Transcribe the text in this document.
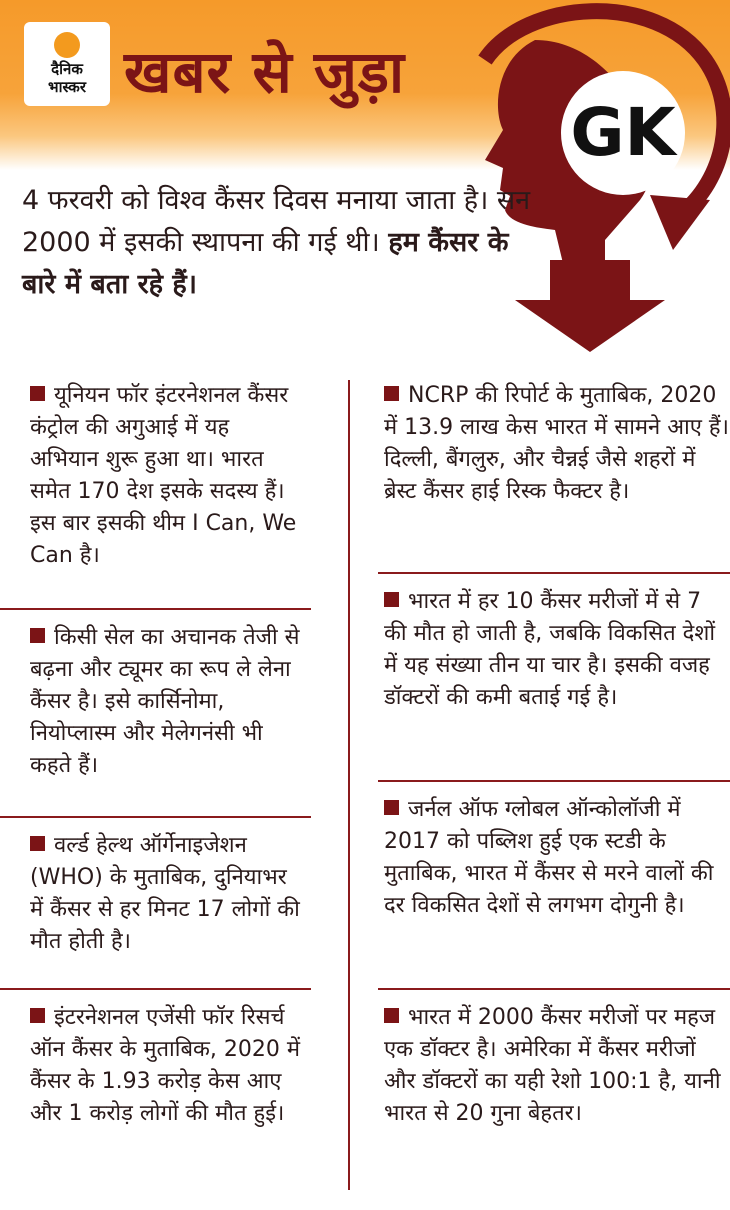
दैनिक
भास्कर खबर से जुड़ा
GK
4 फरवरी को विश्व कैंसर दिवस मनाया जाता है। सन 2000 में इसकी स्थापना की गई थी। हम कैंसर के बारे में बता रहे हैं।
यूनियन फॉर इंटरनेशनल कैंसर कंट्रोल की अगुआई में यह अभियान शुरू हुआ था। भारत समेत 170 देश इसके सदस्य हैं। इस बार इसकी थीम I Can, We Can है।
किसी सेल का अचानक तेजी से बढ़ना और ट्यूमर का रूप ले लेना कैंसर है। इसे कार्सिनोमा, नियोप्लास्म और मेलेगनंसी भी कहते हैं।
वर्ल्ड हेल्थ ऑर्गेनाइजेशन (WHO) के मुताबिक, दुनियाभर में कैंसर से हर मिनट 17 लोगों की मौत होती है।
इंटरनेशनल एजेंसी फॉर रिसर्च ऑन कैंसर के मुताबिक, 2020 में कैंसर के 1.93 करोड़ केस आए और 1 करोड़ लोगों की मौत हुई।
NCRP की रिपोर्ट के मुताबिक, 2020 में 13.9 लाख केस भारत में सामने आए हैं। दिल्ली, बैंगलुरु, और चैन्नई जैसे शहरों में ब्रेस्ट कैंसर हाई रिस्क फैक्टर है।
भारत में हर 10 कैंसर मरीजों में से 7 की मौत हो जाती है, जबकि विकसित देशों में यह संख्या तीन या चार है। इसकी वजह डॉक्टरों की कमी बताई गई है।
जर्नल ऑफ ग्लोबल ऑन्कोलॉजी में 2017 को पब्लिश हुई एक स्टडी के मुताबिक, भारत में कैंसर से मरने वालों की दर विकसित देशों से लगभग दोगुनी है।
भारत में 2000 कैंसर मरीजों पर महज एक डॉक्टर है। अमेरिका में कैंसर मरीजों और डॉक्टरों का यही रेशो 100:1 है, यानी भारत से 20 गुना बेहतर।
